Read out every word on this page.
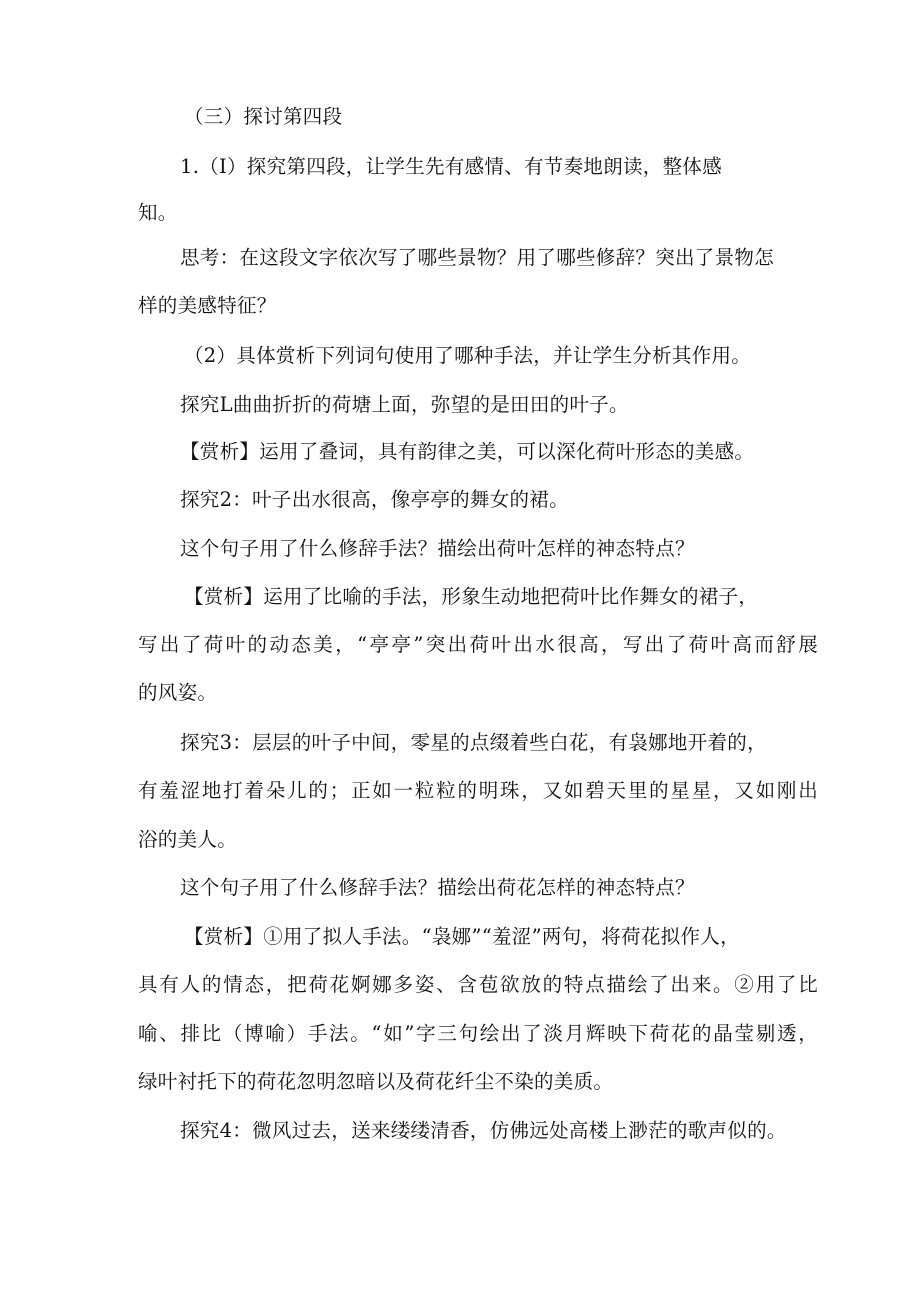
（三）探讨第四段
1.（I）探究第四段，让学生先有感情、有节奏地朗读，整体感
知。
思考：在这段文字依次写了哪些景物？用了哪些修辞？突出了景物怎
样的美感特征？
（2）具体赏析下列词句使用了哪种手法，并让学生分析其作用。
探究L曲曲折折的荷塘上面，弥望的是田田的叶子。
【赏析】运用了叠词，具有韵律之美，可以深化荷叶形态的美感。
探究2：叶子出水很高，像亭亭的舞女的裙。
这个句子用了什么修辞手法？描绘出荷叶怎样的神态特点？
【赏析】运用了比喻的手法，形象生动地把荷叶比作舞女的裙子，
写出了荷叶的动态美，“亭亭”突出荷叶出水很高，写出了荷叶高而舒展
的风姿。
探究3：层层的叶子中间，零星的点缀着些白花，有袅娜地开着的，
有羞涩地打着朵儿的；正如一粒粒的明珠，又如碧天里的星星，又如刚出
浴的美人。
这个句子用了什么修辞手法？描绘出荷花怎样的神态特点？
【赏析】①用了拟人手法。“袅娜”“羞涩”两句，将荷花拟作人，
具有人的情态，把荷花婀娜多姿、含苞欲放的特点描绘了出来。②用了比
喻、排比（博喻）手法。“如”字三句绘出了淡月辉映下荷花的晶莹剔透，
绿叶衬托下的荷花忽明忽暗以及荷花纤尘不染的美质。
探究4：微风过去，送来缕缕清香，仿佛远处高楼上渺茫的歌声似的。
